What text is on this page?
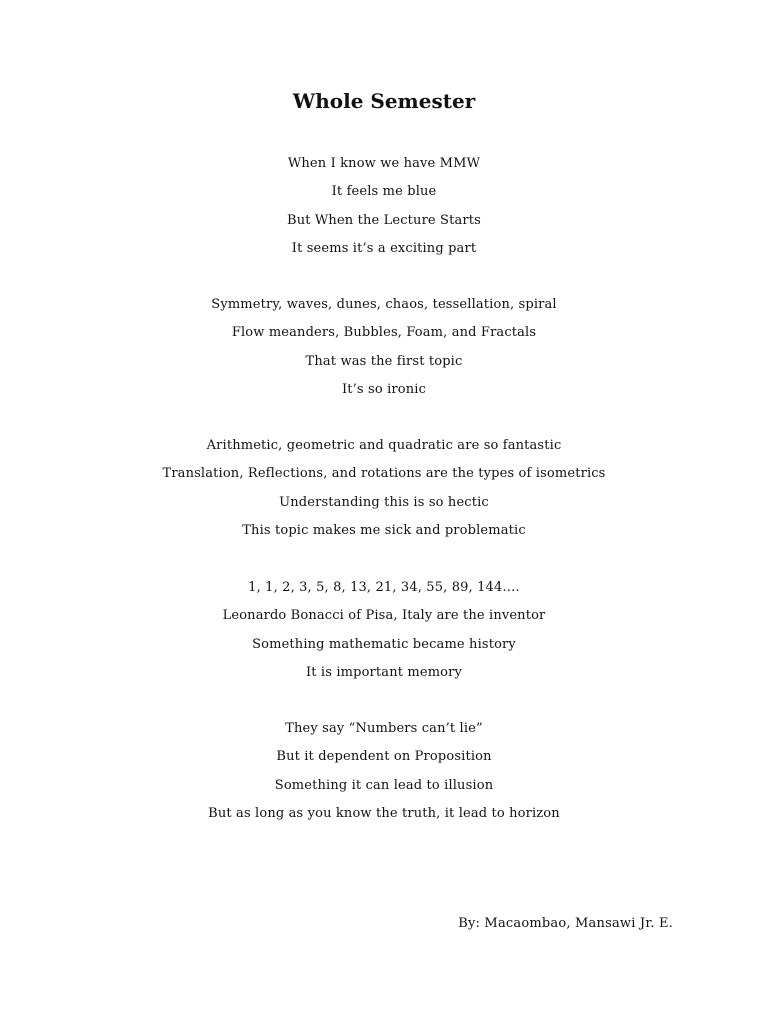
Whole Semester
When I know we have MMW
It feels me blue
But When the Lecture Starts
It seems it’s a exciting part
Symmetry, waves, dunes, chaos, tessellation, spiral
Flow meanders, Bubbles, Foam, and Fractals
That was the first topic
It’s so ironic
Arithmetic, geometric and quadratic are so fantastic
Translation, Reflections, and rotations are the types of isometrics
Understanding this is so hectic
This topic makes me sick and problematic
1, 1, 2, 3, 5, 8, 13, 21, 34, 55, 89, 144….
Leonardo Bonacci of Pisa, Italy are the inventor
Something mathematic became history
It is important memory
They say “Numbers can’t lie”
But it dependent on Proposition
Something it can lead to illusion
But as long as you know the truth, it lead to horizon
By: Macaombao, Mansawi Jr. E.
